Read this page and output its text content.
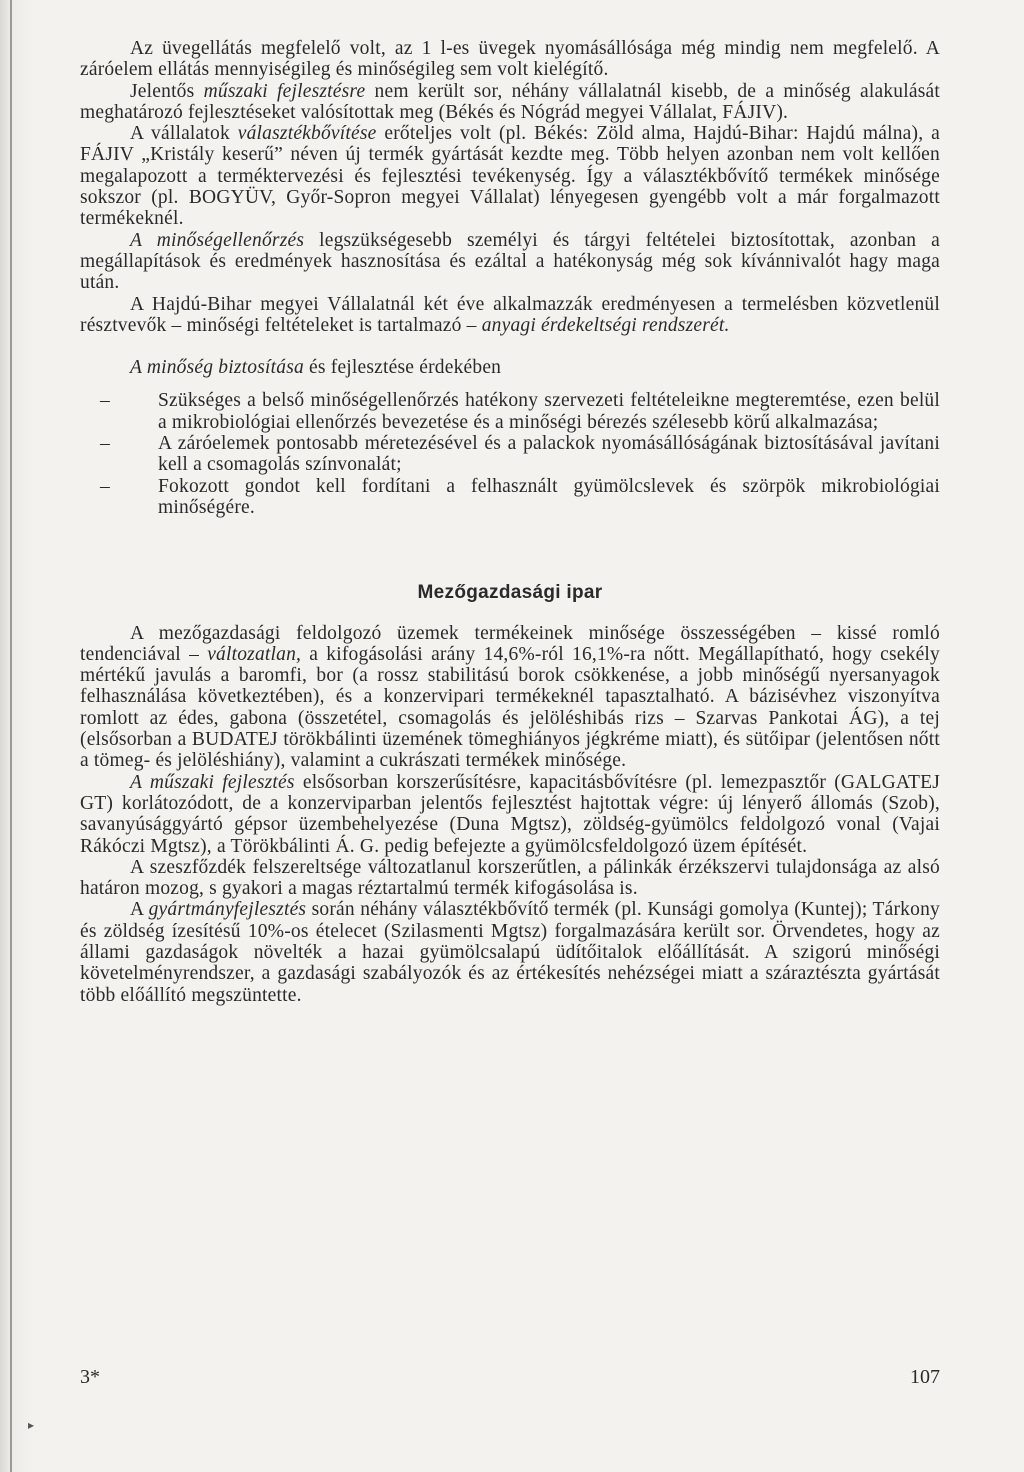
▸

Az üvegellátás megfelelő volt, az 1 l-es üvegek nyomásállósága még mindig nem megfelelő. A záróelem ellátás mennyiségileg és minőségileg sem volt kielégítő.

Jelentős műszaki fejlesztésre nem került sor, néhány vállalatnál kisebb, de a minőség alakulását meghatározó fejlesztéseket valósítottak meg (Békés és Nógrád megyei Vállalat, FÁJIV).

A vállalatok választékbővítése erőteljes volt (pl. Békés: Zöld alma, Hajdú-Bihar: Hajdú málna), a FÁJIV „Kristály keserű” néven új termék gyártását kezdte meg. Több helyen azonban nem volt kellően megalapozott a terméktervezési és fejlesztési tevékenység. Így a választékbővítő termékek minősége sokszor (pl. BOGYÜV, Győr-Sopron megyei Vállalat) lényegesen gyengébb volt a már forgalmazott termékeknél.

A minőségellenőrzés legszükségesebb személyi és tárgyi feltételei biztosítottak, azonban a megállapítások és eredmények hasznosítása és ezáltal a hatékonyság még sok kívánnivalót hagy maga után.

A Hajdú-Bihar megyei Vállalatnál két éve alkalmazzák eredményesen a termelésben közvetlenül résztvevők – minőségi feltételeket is tartalmazó – anyagi érdekeltségi rendszerét.

A minőség biztosítása és fejlesztése érdekében

– Szükséges a belső minőségellenőrzés hatékony szervezeti feltételeikne megteremtése, ezen belül a mikrobiológiai ellenőrzés bevezetése és a minőségi bérezés szélesebb körű alkalmazása;
– A záróelemek pontosabb méretezésével és a palackok nyomásállóságának biztosításával javítani kell a csomagolás színvonalát;
– Fokozott gondot kell fordítani a felhasznált gyümölcslevek és szörpök mikrobiológiai minőségére.
Mezőgazdasági ipar

A mezőgazdasági feldolgozó üzemek termékeinek minősége összességében – kissé romló tendenciával – változatlan, a kifogásolási arány 14,6%-ról 16,1%-ra nőtt. Megállapítható, hogy csekély mértékű javulás a baromfi, bor (a rossz stabilitású borok csökkenése, a jobb minőségű nyersanyagok felhasználása következtében), és a konzervipari termékeknél tapasztalható. A bázisévhez viszonyítva romlott az édes, gabona (összetétel, csomagolás és jelöléshibás rizs – Szarvas Pankotai ÁG), a tej (elsősorban a BUDATEJ törökbálinti üzemének tömeghiányos jégkréme miatt), és sütőipar (jelentősen nőtt a tömeg- és jelöléshiány), valamint a cukrászati termékek minősége.

A műszaki fejlesztés elsősorban korszerűsítésre, kapacitásbővítésre (pl. lemezpasztőr (GALGATEJ GT) korlátozódott, de a konzerviparban jelentős fejlesztést hajtottak végre: új lényerő állomás (Szob), savanyúsággyártó gépsor üzembehelyezése (Duna Mgtsz), zöldség-gyümölcs feldolgozó vonal (Vajai Rákóczi Mgtsz), a Törökbálinti Á. G. pedig befejezte a gyümölcsfeldolgozó üzem építését.

A szeszfőzdék felszereltsége változatlanul korszerűtlen, a pálinkák érzékszervi tulajdonsága az alsó határon mozog, s gyakori a magas réztartalmú termék kifogásolása is.

A gyártmányfejlesztés során néhány választékbővítő termék (pl. Kunsági gomolya (Kuntej); Tárkony és zöldség ízesítésű 10%-os ételecet (Szilasmenti Mgtsz) forgalmazására került sor. Örvendetes, hogy az állami gazdaságok növelték a hazai gyümölcsalapú üdítőitalok előállítását. A szigorú minőségi követelményrendszer, a gazdasági szabályozók és az értékesítés nehézségei miatt a száraztészta gyártását több előállító megszüntette.

3*	107
